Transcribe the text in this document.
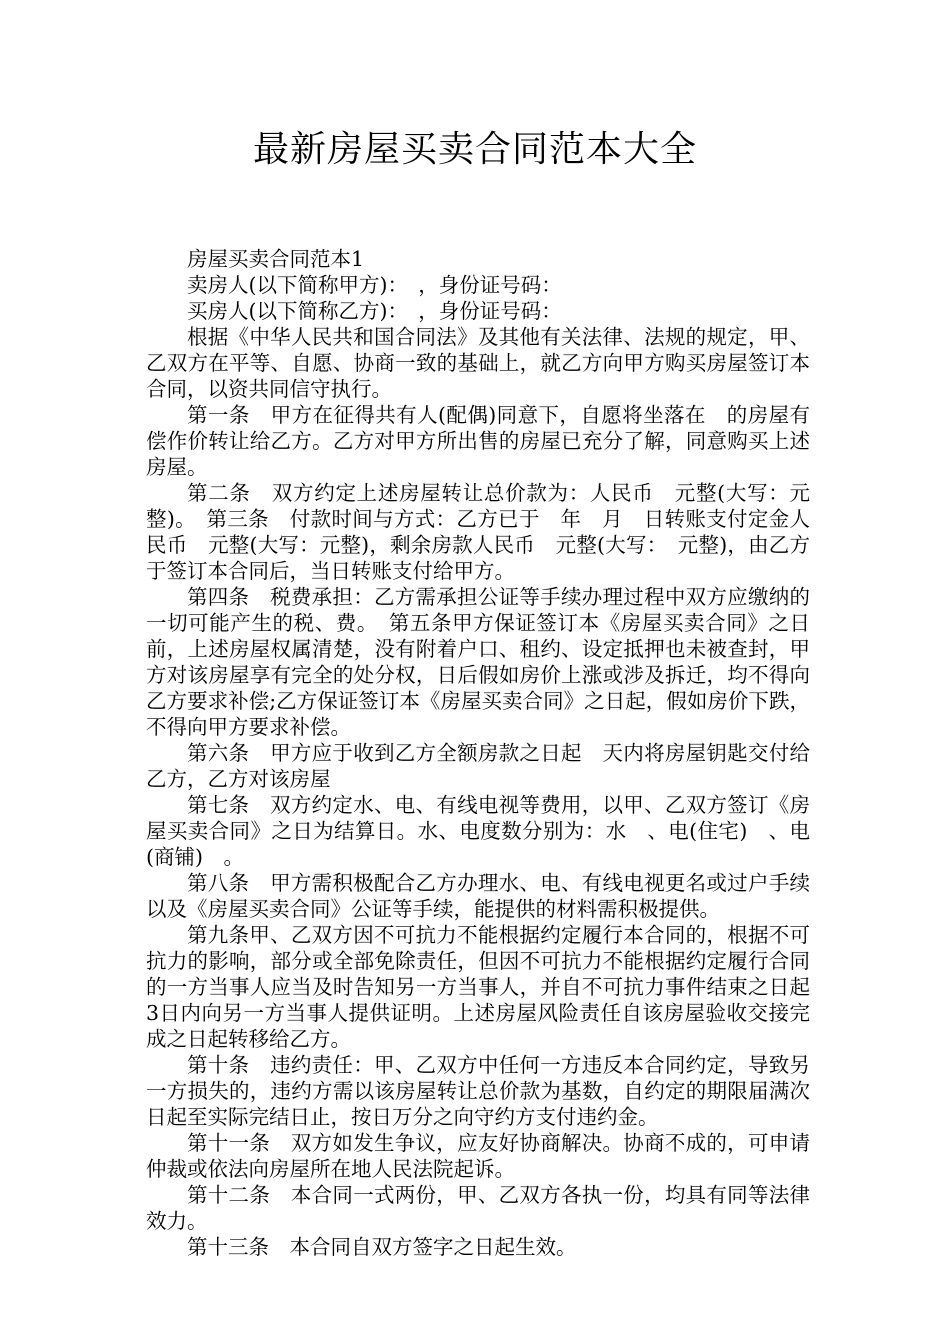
最新房屋买卖合同范本大全

房屋买卖合同范本1

卖房人(以下简称甲方)：　，身份证号码：

买房人(以下简称乙方)：　，身份证号码：

根据《中华人民共和国合同法》及其他有关法律、法规的规定，甲、乙双方在平等、自愿、协商一致的基础上，就乙方向甲方购买房屋签订本合同，以资共同信守执行。

第一条　甲方在征得共有人(配偶)同意下，自愿将坐落在　的房屋有偿作价转让给乙方。乙方对甲方所出售的房屋已充分了解，同意购买上述房屋。

第二条　双方约定上述房屋转让总价款为：人民币　元整(大写：元整)。　第三条　付款时间与方式：乙方已于　年　月　日转账支付定金人民币　元整(大写：元整)，剩余房款人民币　元整(大写：　元整)，由乙方于签订本合同后，当日转账支付给甲方。

第四条　税费承担：乙方需承担公证等手续办理过程中双方应缴纳的一切可能产生的税、费。　第五条甲方保证签订本《房屋买卖合同》之日前，上述房屋权属清楚，没有附着户口、租约、设定抵押也未被查封，甲方对该房屋享有完全的处分权，日后假如房价上涨或涉及拆迁，均不得向乙方要求补偿;乙方保证签订本《房屋买卖合同》之日起，假如房价下跌，不得向甲方要求补偿。

第六条　甲方应于收到乙方全额房款之日起　天内将房屋钥匙交付给乙方，乙方对该房屋

第七条　双方约定水、电、有线电视等费用，以甲、乙双方签订《房屋买卖合同》之日为结算日。水、电度数分别为：水　、电(住宅)　、电(商铺)　。

第八条　甲方需积极配合乙方办理水、电、有线电视更名或过户手续以及《房屋买卖合同》公证等手续，能提供的材料需积极提供。

第九条甲、乙双方因不可抗力不能根据约定履行本合同的，根据不可抗力的影响，部分或全部免除责任，但因不可抗力不能根据约定履行合同的一方当事人应当及时告知另一方当事人，并自不可抗力事件结束之日起3日内向另一方当事人提供证明。上述房屋风险责任自该房屋验收交接完成之日起转移给乙方。

第十条　违约责任：甲、乙双方中任何一方违反本合同约定，导致另一方损失的，违约方需以该房屋转让总价款为基数，自约定的期限届满次日起至实际完结日止，按日万分之向守约方支付违约金。

第十一条　双方如发生争议，应友好协商解决。协商不成的，可申请仲裁或依法向房屋所在地人民法院起诉。

第十二条　本合同一式两份，甲、乙双方各执一份，均具有同等法律效力。

第十三条　本合同自双方签字之日起生效。
